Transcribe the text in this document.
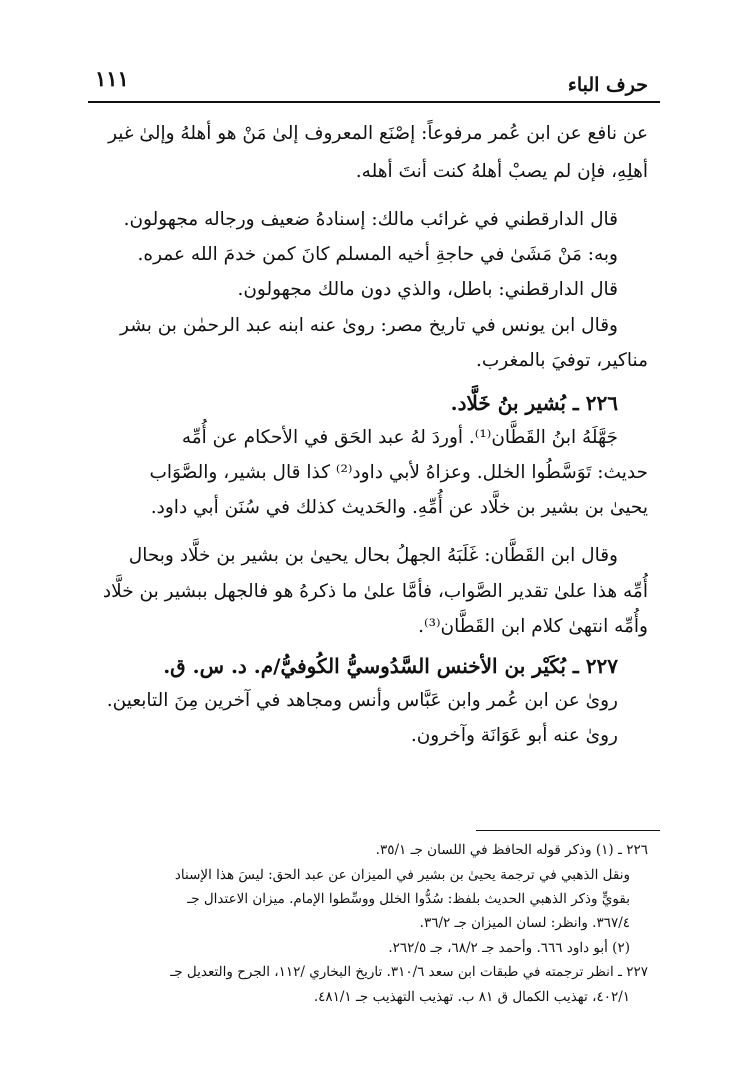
حرف الباء
١١١
عن نافع عن ابن عُمر مرفوعاً: إصْنَع المعروف إلىٰ مَنْ هو أهلهُ وإلىٰ غير
أهلِهِ، فإن لم يصبْ أهلهُ كنت أنتَ أهله.
قال الدارقطني في غرائب مالك: إسنادهُ ضعيف ورجاله مجهولون.
وبه: مَنْ مَشَىٰ في حاجةِ أخيه المسلم كانَ كمن خدمَ الله عمره.
قال الدارقطني: باطل، والذي دون مالك مجهولون.
وقال ابن يونس في تاريخ مصر: روىٰ عنه ابنه عبد الرحمٰن بن بشر
مناكير، توفيَ بالمغرب.
٢٢٦ ـ بُشير بنُ خَلَّاد.
جَهَّلَهُ ابنُ القَطَّان⁽¹⁾. أوردَ لهُ عبد الحَق في الأحكام عن أُمِّه
حديث: تَوَسَّطُوا الخلل. وعزاهُ لأبي داود⁽²⁾ كذا قال بشير، والصَّوَاب
يحيىٰ بن بشير بن خلَّاد عن أُمِّهِ. والحَديث كذلك في سُنَن أبي داود.
وقال ابن القَطَّان: غَلَبَهُ الجهلُ بحال يحيىٰ بن بشير بن خلَّاد وبحال
أُمِّه هذا علىٰ تقدير الصَّواب، فأمَّا علىٰ ما ذكرهُ هو فالجهل ببشير بن خلَّاد
وأُمِّه انتهىٰ كلام ابن القَطَّان⁽³⁾.
٢٢٧ ـ بُكَيْر بن الأخنس السَّدُوسيُّ الكُوفيُّ/م. د. س. ق.
روىٰ عن ابن عُمر وابن عَبَّاس وأنس ومجاهد في آخرين مِنَ التابعين.
روىٰ عنه أبو عَوَانَة وآخرون.
٢٢٦ ـ (١) وذكر قوله الحافظ في اللسان جـ ٣٥/١.
ونقل الذهبي في ترجمة يحيىٰ بن بشير في الميزان عن عبد الحق: ليسَ هذا الإسناد
بقويٍّ وذكر الذهبي الحديث بلفظ: سُدُّوا الخلل ووسِّطوا الإمام. ميزان الاعتدال جـ
٣٦٧/٤. وانظر: لسان الميزان جـ ٣٦/٢.
(٢) أبو داود ٦٦٦. وأحمد جـ ٦٨/٢، جـ ٢٦٢/٥.
٢٢٧ ـ انظر ترجمته في طبقات ابن سعد ٣١٠/٦. تاريخ البخاري /١١٢، الجرح والتعديل جـ
٤٠٢/١، تهذيب الكمال ق ٨١ ب. تهذيب التهذيب جـ ٤٨١/١.
